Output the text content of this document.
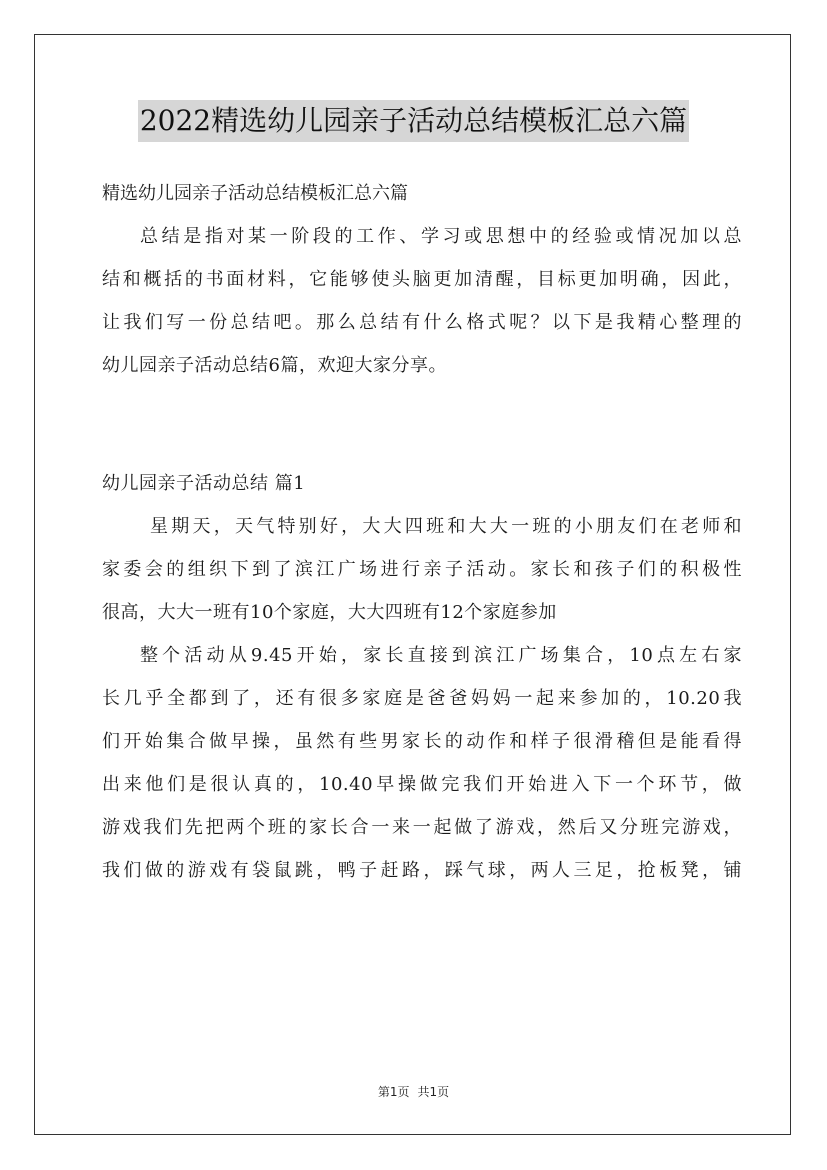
2022精选幼儿园亲子活动总结模板汇总六篇
精选幼儿园亲子活动总结模板汇总六篇
总结是指对某一阶段的工作、学习或思想中的经验或情况加以总
结和概括的书面材料，它能够使头脑更加清醒，目标更加明确，因此，
让我们写一份总结吧。那么总结有什么格式呢？以下是我精心整理的
幼儿园亲子活动总结6篇，欢迎大家分享。
幼儿园亲子活动总结 篇1
星期天，天气特别好，大大四班和大大一班的小朋友们在老师和
家委会的组织下到了滨江广场进行亲子活动。家长和孩子们的积极性
很高，大大一班有10个家庭，大大四班有12个家庭参加
整个活动从9.45开始，家长直接到滨江广场集合，10点左右家
长几乎全都到了，还有很多家庭是爸爸妈妈一起来参加的，10.20我
们开始集合做早操，虽然有些男家长的动作和样子很滑稽但是能看得
出来他们是很认真的，10.40早操做完我们开始进入下一个环节，做
游戏我们先把两个班的家长合一来一起做了游戏，然后又分班完游戏，
我们做的游戏有袋鼠跳，鸭子赶路，踩气球，两人三足，抢板凳，铺
第1页 共1页
